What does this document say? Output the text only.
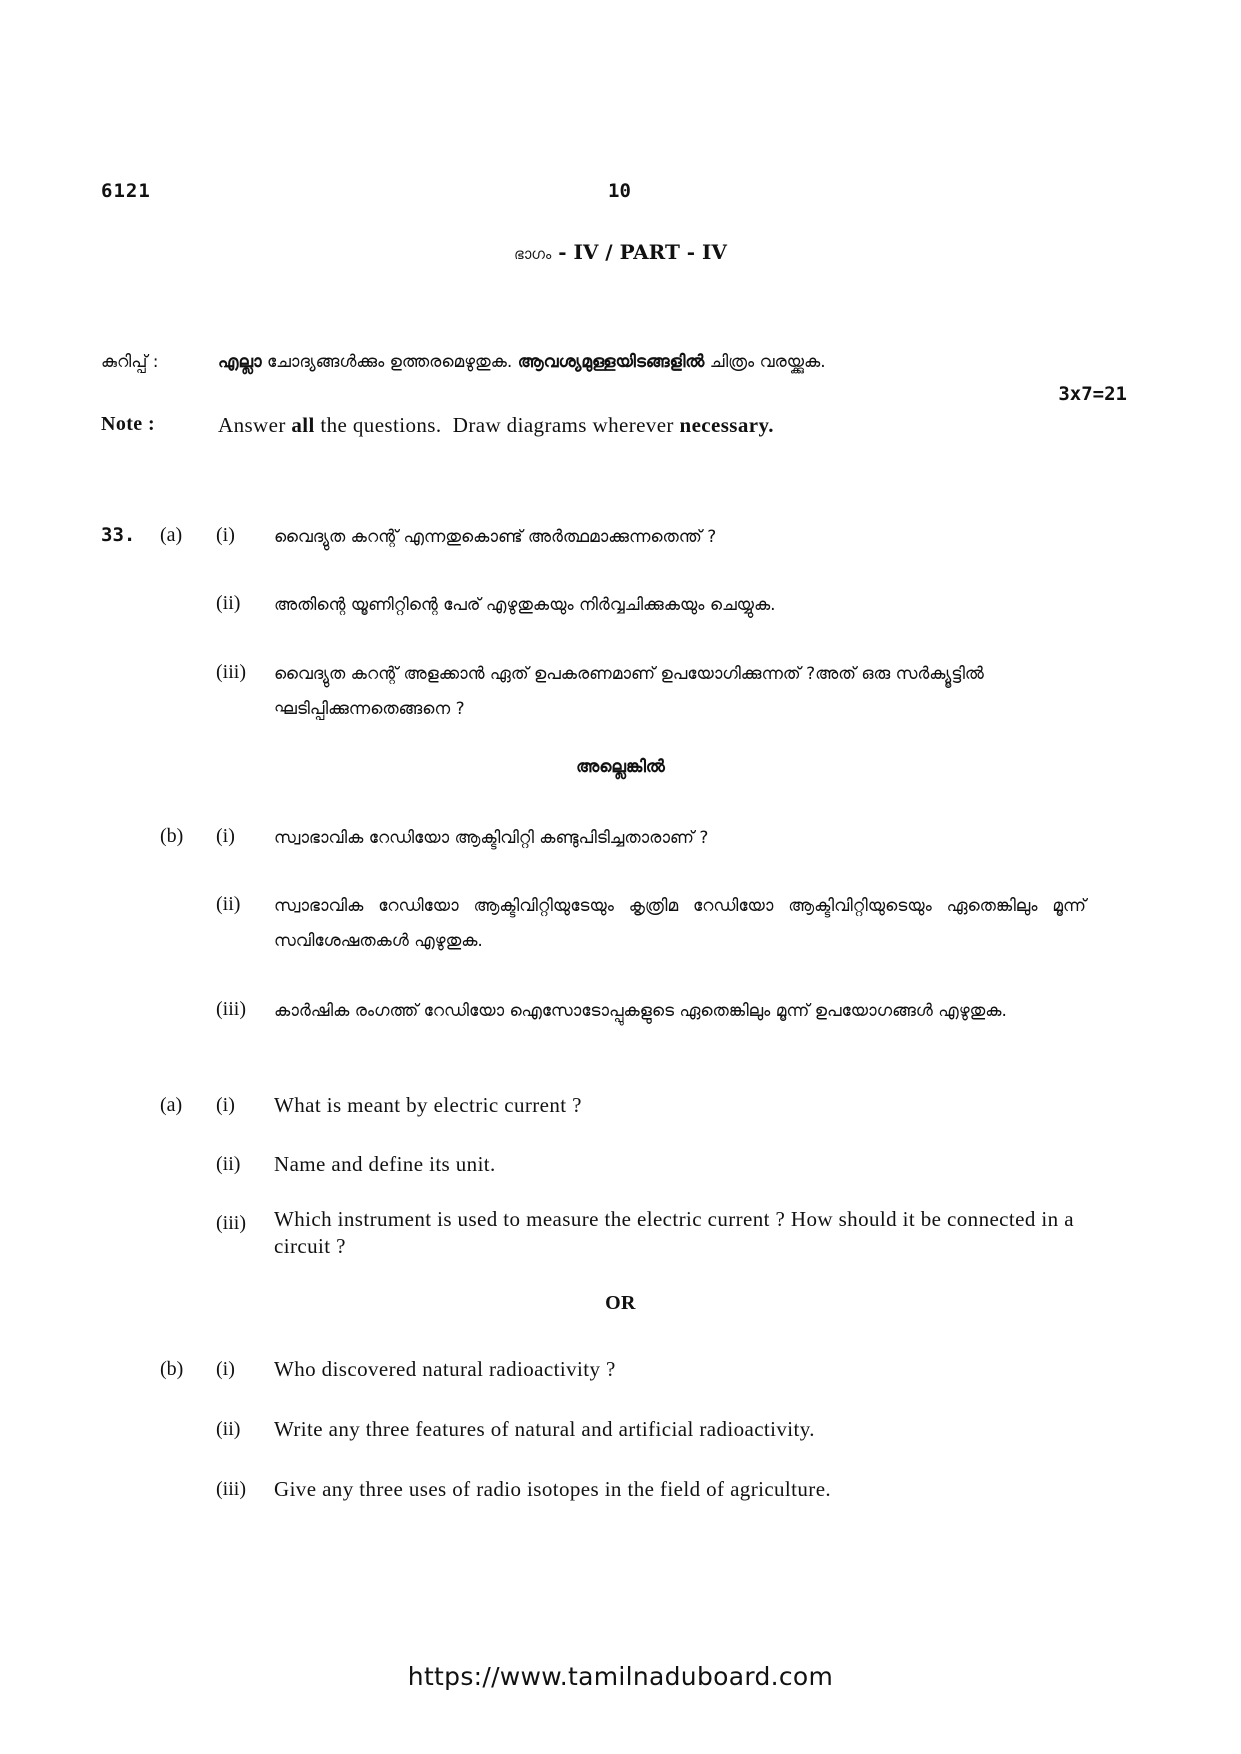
6121	10
ഭാഗം - IV / PART - IV
കുറിപ്പ് :	എല്ലാ ചോദ്യങ്ങൾക്കും ഉത്തരമെഴുതുക. ആവശ്യമുള്ളയിടങ്ങളിൽ ചിത്രം വരയ്ക്കുക.
3x7=21
Note :	Answer all the questions.  Draw diagrams wherever necessary.
33. (a) (i) വൈദ്യുത കറന്റ് എന്നതുകൊണ്ട് അർത്ഥമാക്കുന്നതെന്ത് ?
(ii) അതിന്റെ യൂണിറ്റിന്റെ പേര് എഴുതുകയും നിർവ്വചിക്കുകയും ചെയ്യുക.
(iii) വൈദ്യുത കറന്റ് അളക്കാൻ ഏത് ഉപകരണമാണ് ഉപയോഗിക്കുന്നത് ?അത് ഒരു സർക്യൂട്ടിൽ ഘടിപ്പിക്കുന്നതെങ്ങനെ ?
അല്ലെങ്കിൽ
(b) (i) സ്വാഭാവിക റേഡിയോ ആക്ടിവിറ്റി കണ്ടുപിടിച്ചതാരാണ് ?
(ii) സ്വാഭാവിക റേഡിയോ ആക്ടിവിറ്റിയുടേയും കൃത്രിമ റേഡിയോ ആക്ടിവിറ്റിയുടെയും ഏതെങ്കിലും മൂന്ന് സവിശേഷതകൾ എഴുതുക.
(iii) കാർഷിക രംഗത്ത് റേഡിയോ ഐസോടോപ്പുകളുടെ ഏതെങ്കിലും മൂന്ന് ഉപയോഗങ്ങൾ എഴുതുക.
(a) (i) What is meant by electric current ?
(ii) Name and define its unit.
(iii) Which instrument is used to measure the electric current ? How should it be connected in a circuit ?
OR
(b) (i) Who discovered natural radioactivity ?
(ii) Write any three features of natural and artificial radioactivity.
(iii) Give any three uses of radio isotopes in the field of agriculture.
https://www.tamilnaduboard.com
